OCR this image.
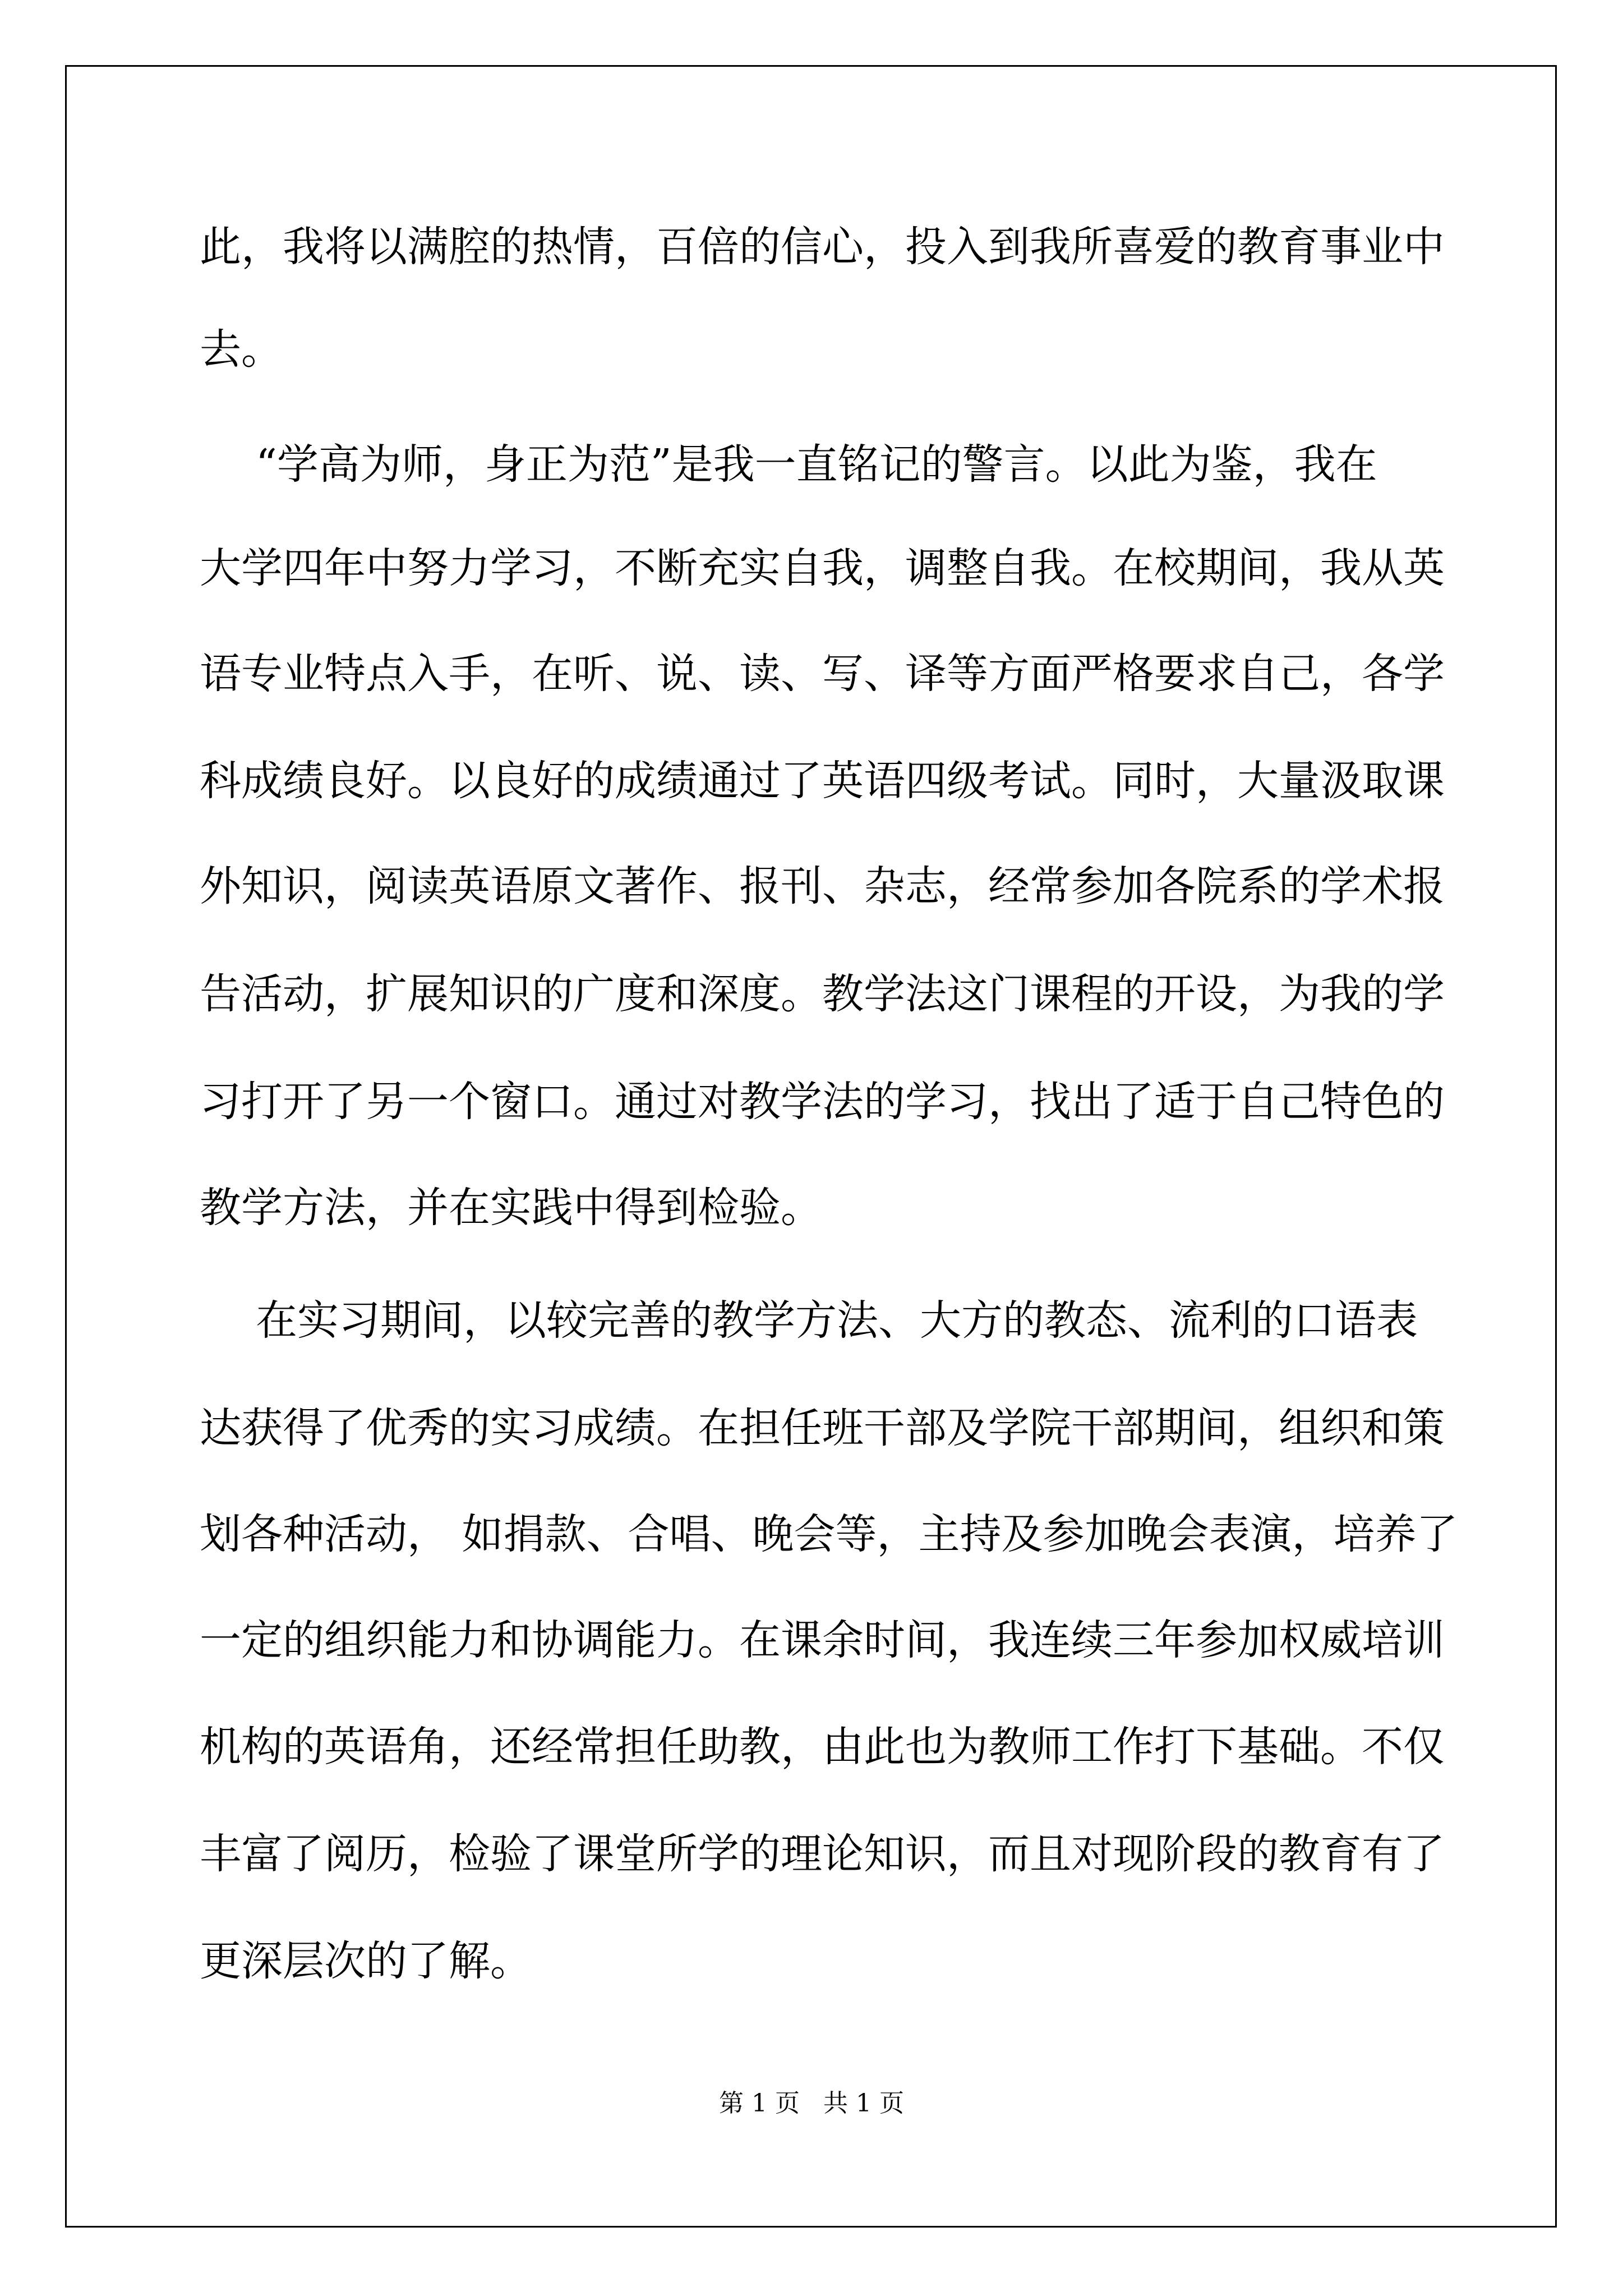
此，我将以满腔的热情，百倍的信心，投入到我所喜爱的教育事业中

去。

“学高为师，身正为范”是我一直铭记的警言。以此为鉴，我在

大学四年中努力学习，不断充实自我，调整自我。在校期间，我从英

语专业特点入手，在听、说、读、写、译等方面严格要求自己，各学

科成绩良好。以良好的成绩通过了英语四级考试。同时，大量汲取课

外知识，阅读英语原文著作、报刊、杂志，经常参加各院系的学术报

告活动，扩展知识的广度和深度。教学法这门课程的开设，为我的学

习打开了另一个窗口。通过对教学法的学习，找出了适于自己特色的

教学方法，并在实践中得到检验。

在实习期间，以较完善的教学方法、大方的教态、流利的口语表

达获得了优秀的实习成绩。在担任班干部及学院干部期间，组织和策

划各种活动， 如捐款、合唱、晚会等，主持及参加晚会表演，培养了

一定的组织能力和协调能力。在课余时间，我连续三年参加权威培训

机构的英语角，还经常担任助教，由此也为教师工作打下基础。不仅

丰富了阅历，检验了课堂所学的理论知识，而且对现阶段的教育有了

更深层次的了解。

第 1 页   共 1 页
